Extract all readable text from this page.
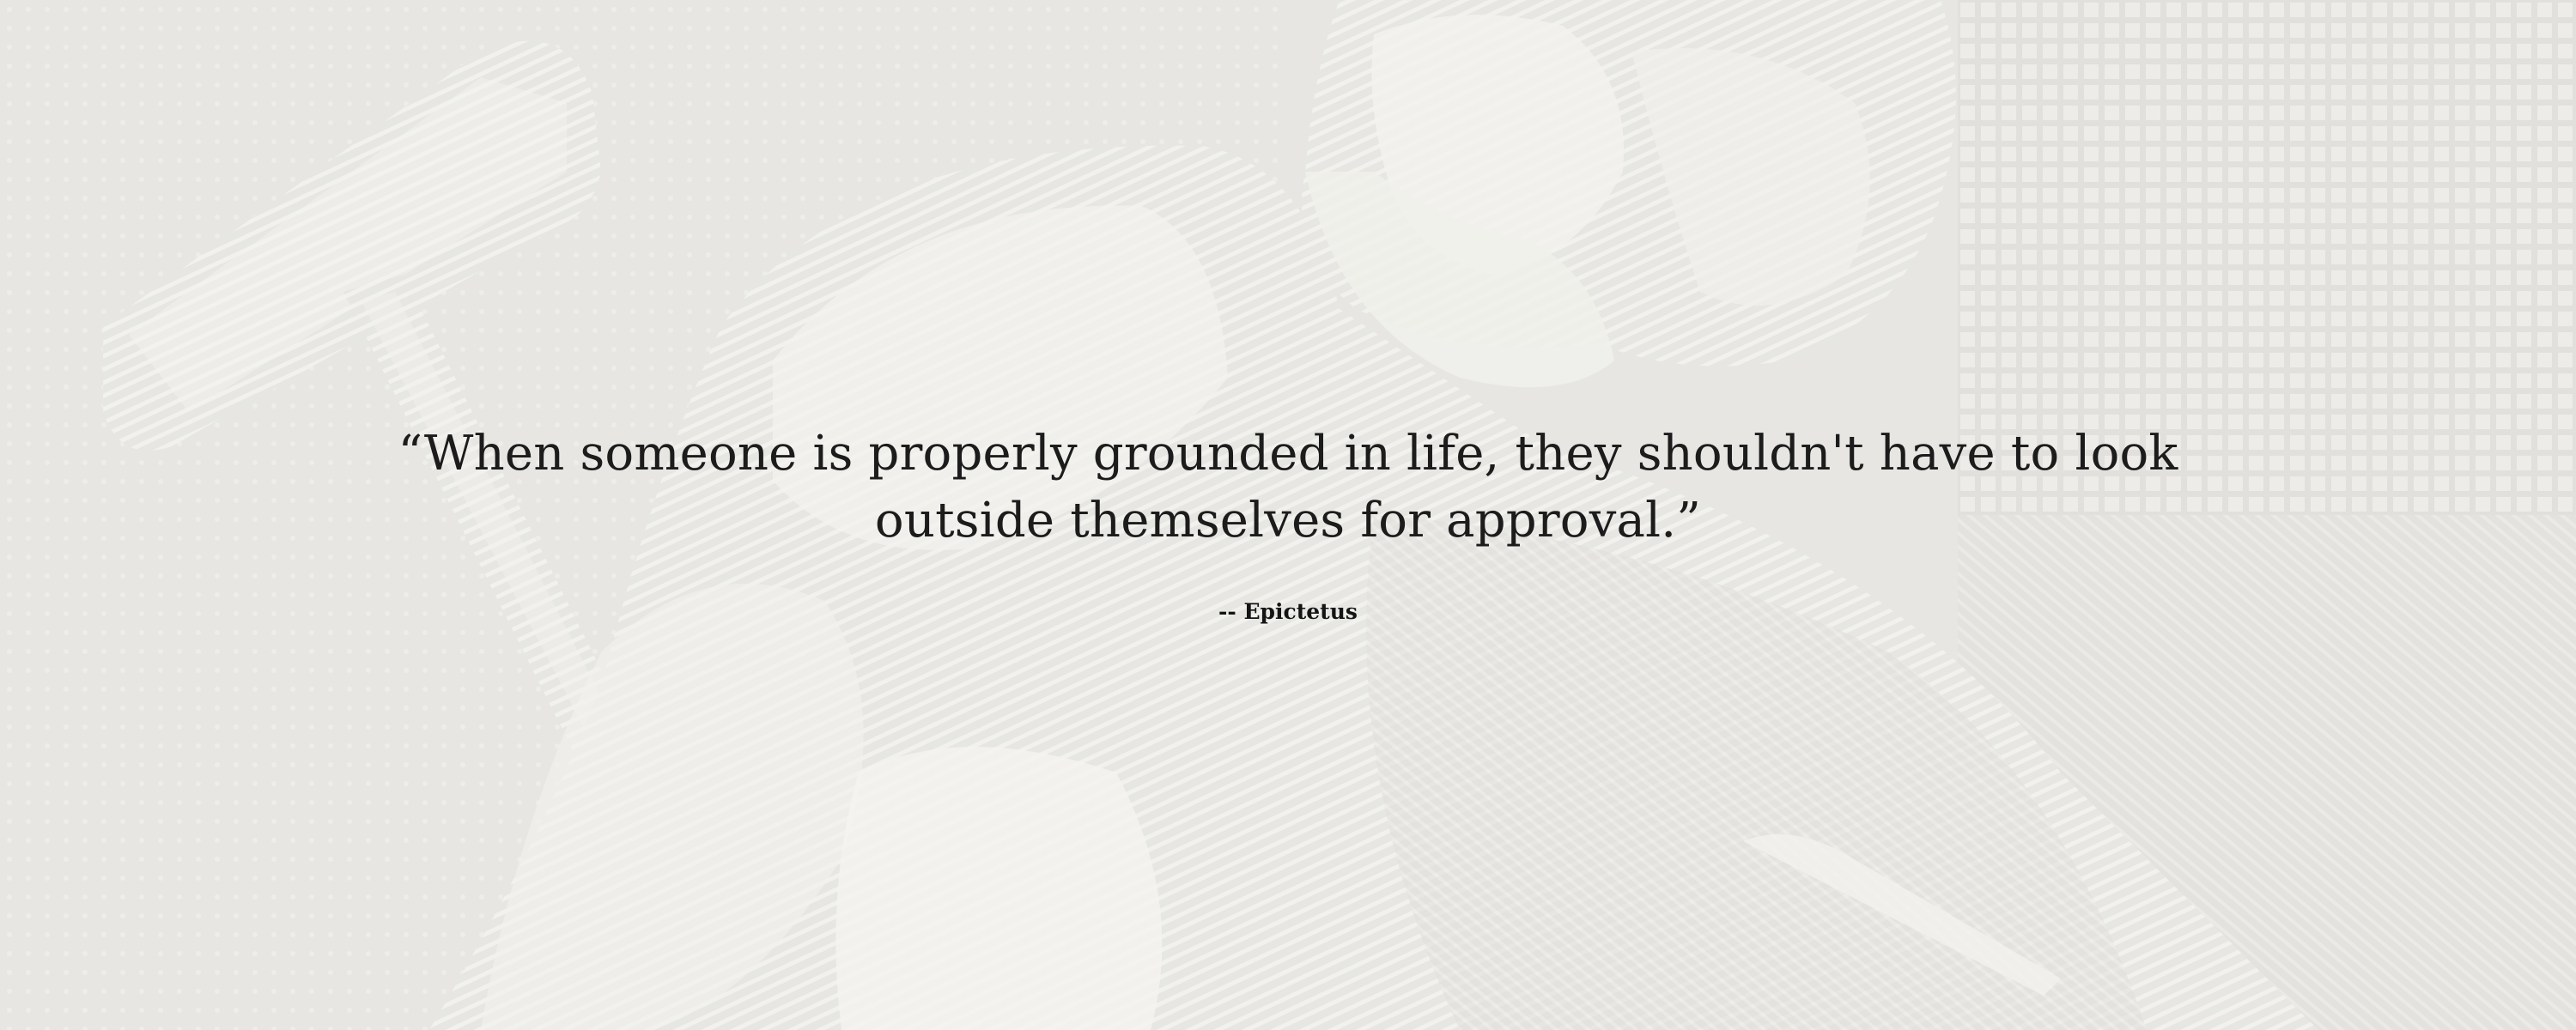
“When someone is properly grounded in life, they shouldn't have to look outside themselves for approval.”
-- Epictetus
